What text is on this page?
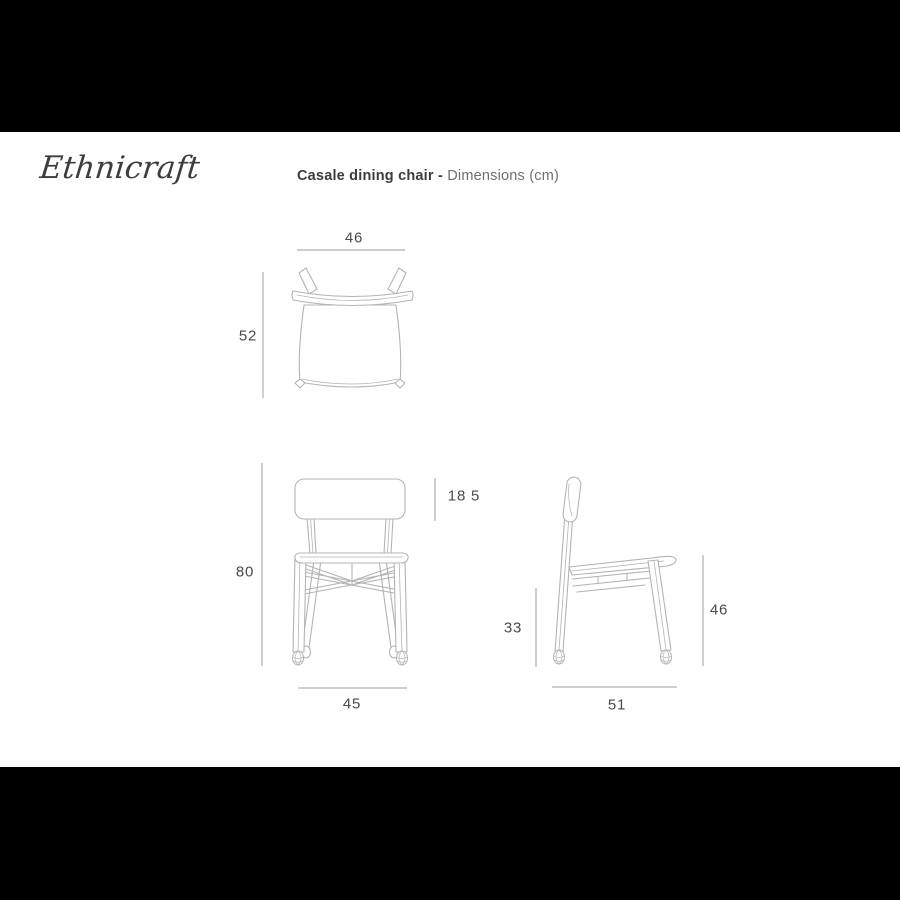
Ethnicraft	Casale dining chair - Dimensions (cm)
46
52
80
18 5
45
33
46
51
